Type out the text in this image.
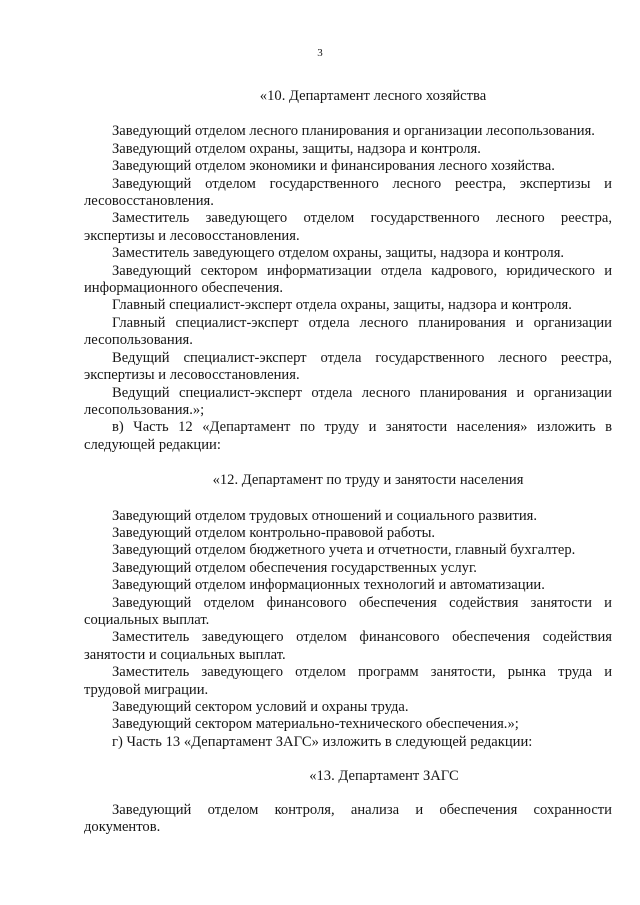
3

«10. Департамент лесного хозяйства

Заведующий отделом лесного планирования и организации лесопользования.

Заведующий отделом охраны, защиты, надзора и контроля.

Заведующий отделом экономики и финансирования лесного хозяйства.

Заведующий отделом государственного лесного реестра, экспертизы и лесовосстановления.

Заместитель заведующего отделом государственного лесного реестра, экспертизы и лесовосстановления.

Заместитель заведующего отделом охраны, защиты, надзора и контроля.

Заведующий сектором информатизации отдела кадрового, юридического и информационного обеспечения.

Главный специалист-эксперт отдела охраны, защиты, надзора и контроля.

Главный специалист-эксперт отдела лесного планирования и организации лесопользования.

Ведущий специалист-эксперт отдела государственного лесного реестра, экспертизы и лесовосстановления.

Ведущий специалист-эксперт отдела лесного планирования и организации лесопользования.»;

в) Часть 12 «Департамент по труду и занятости населения» изложить в следующей редакции:

«12. Департамент по труду и занятости населения

Заведующий отделом трудовых отношений и социального развития.

Заведующий отделом контрольно-правовой работы.

Заведующий отделом бюджетного учета и отчетности, главный бухгалтер.

Заведующий отделом обеспечения государственных услуг.

Заведующий отделом информационных технологий и автоматизации.

Заведующий отделом финансового обеспечения содействия занятости и социальных выплат.

Заместитель заведующего отделом финансового обеспечения содействия занятости и социальных выплат.

Заместитель заведующего отделом программ занятости, рынка труда и трудовой миграции.

Заведующий сектором условий и охраны труда.

Заведующий сектором материально-технического обеспечения.»;

г) Часть 13 «Департамент ЗАГС» изложить в следующей редакции:

«13. Департамент ЗАГС

Заведующий отделом контроля, анализа и обеспечения сохранности документов.
